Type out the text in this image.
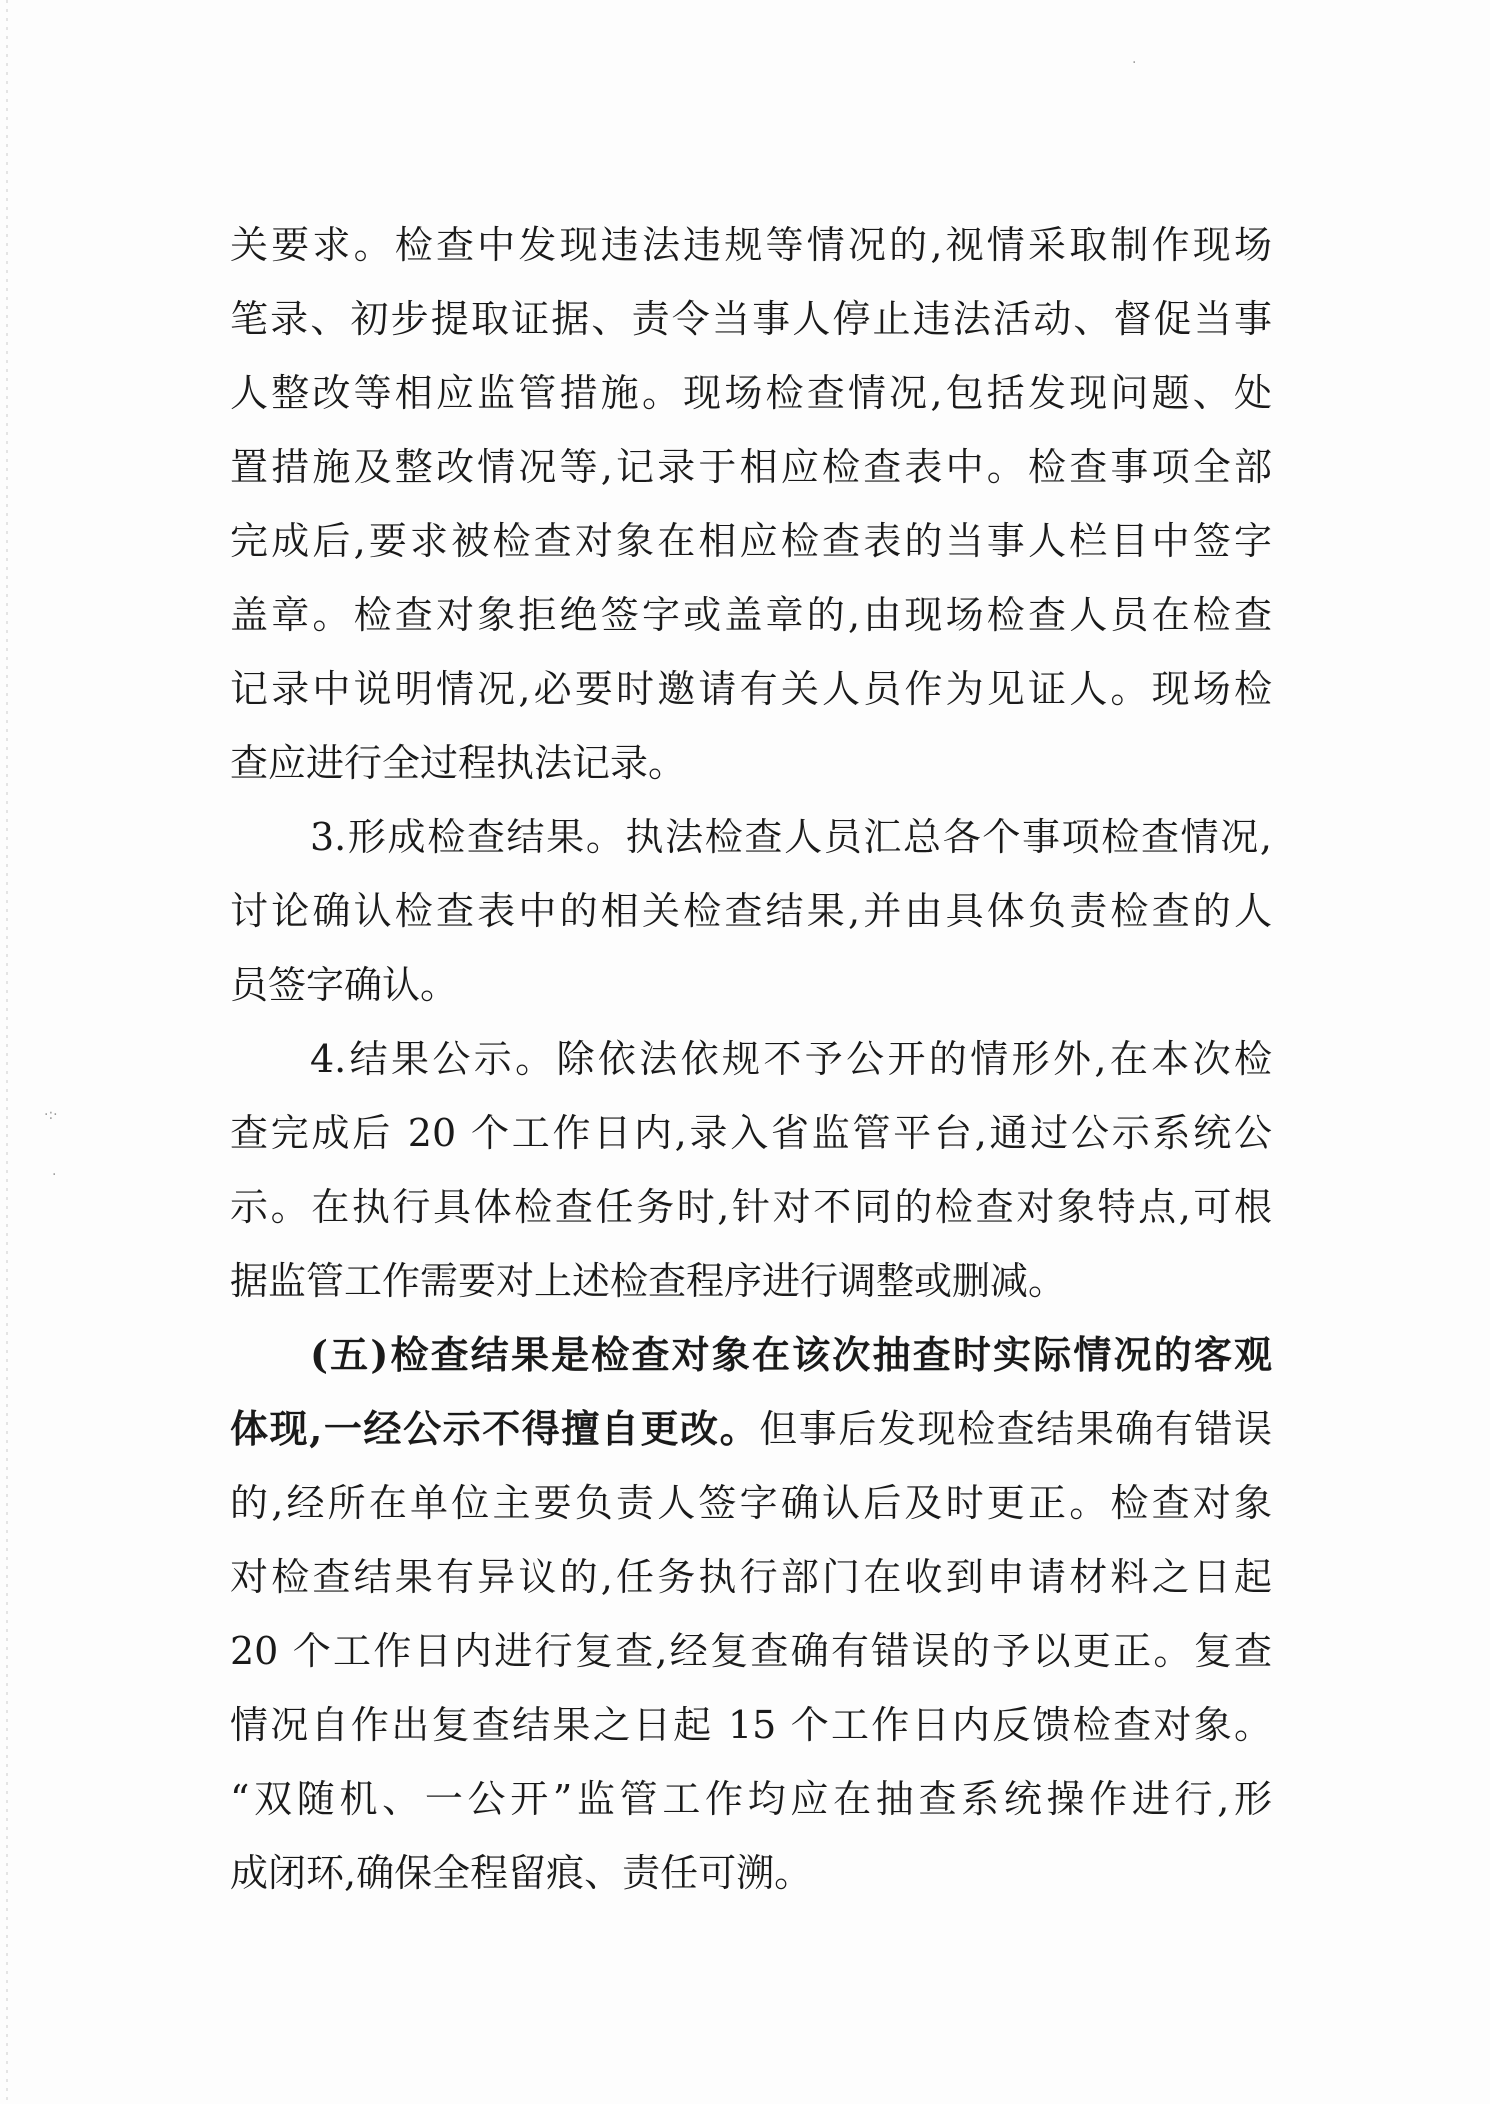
·:·
·
·
关要求。检查中发现违法违规等情况的,视情采取制作现场
笔录、初步提取证据、责令当事人停止违法活动、督促当事
人整改等相应监管措施。现场检查情况,包括发现问题、处
置措施及整改情况等,记录于相应检查表中。检查事项全部
完成后,要求被检查对象在相应检查表的当事人栏目中签字
盖章。检查对象拒绝签字或盖章的,由现场检查人员在检查
记录中说明情况,必要时邀请有关人员作为见证人。现场检
查应进行全过程执法记录。
3.形成检查结果。执法检查人员汇总各个事项检查情况,
讨论确认检查表中的相关检查结果,并由具体负责检查的人
员签字确认。
4.结果公示。除依法依规不予公开的情形外,在本次检
查完成后 20 个工作日内,录入省监管平台,通过公示系统公
示。在执行具体检查任务时,针对不同的检查对象特点,可根
据监管工作需要对上述检查程序进行调整或删减。
(五)检查结果是检查对象在该次抽查时实际情况的客观
体现,一经公示不得擅自更改。但事后发现检查结果确有错误
的,经所在单位主要负责人签字确认后及时更正。检查对象
对检查结果有异议的,任务执行部门在收到申请材料之日起
20 个工作日内进行复查,经复查确有错误的予以更正。复查
情况自作出复查结果之日起 15 个工作日内反馈检查对象。
“双随机、一公开”监管工作均应在抽查系统操作进行,形
成闭环,确保全程留痕、责任可溯。
